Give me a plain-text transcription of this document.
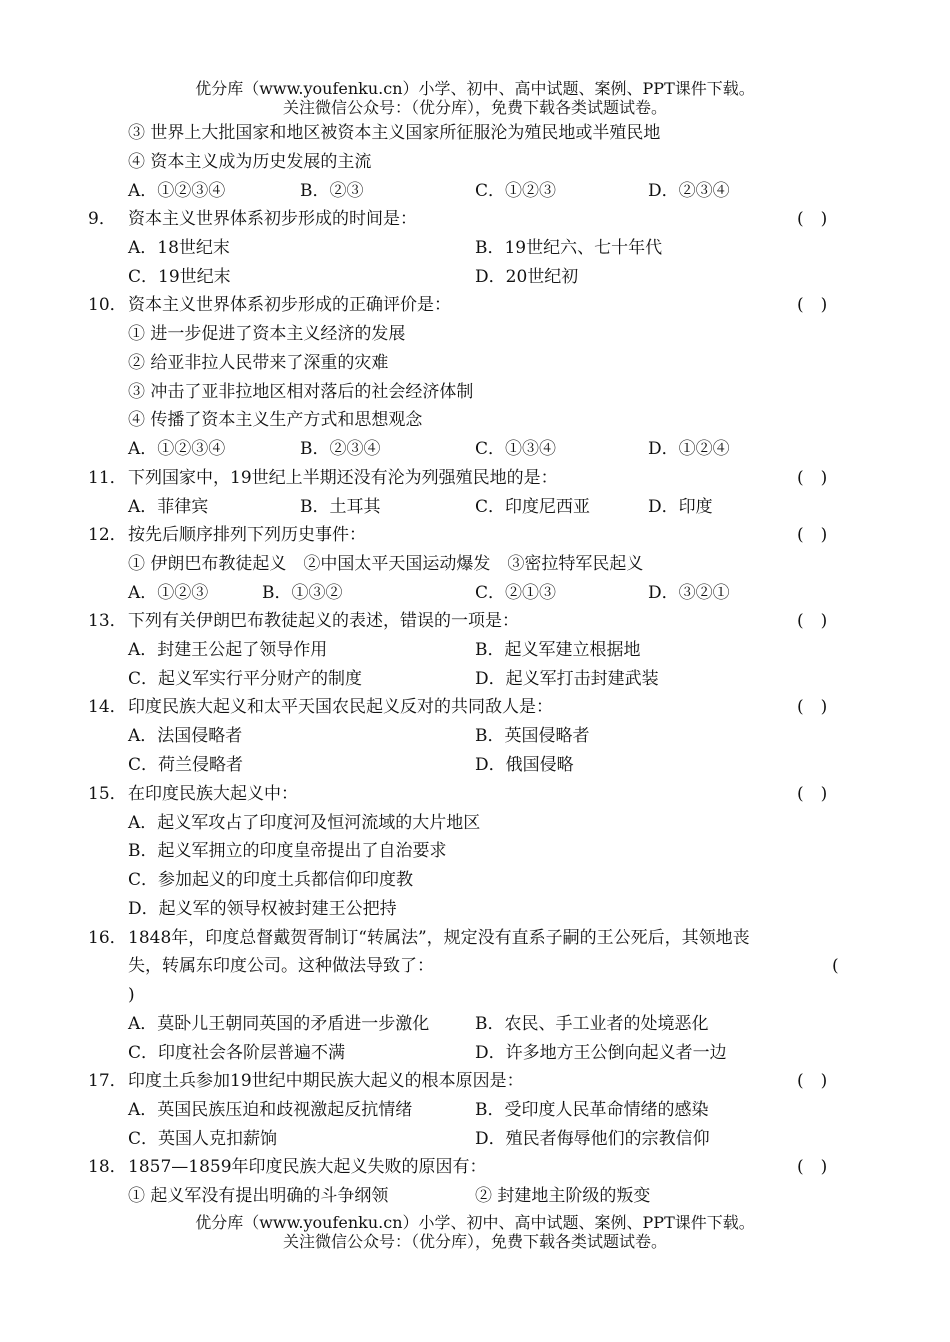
优分库（www.youfenku.cn）小学、初中、高中试题、案例、PPT课件下载。
关注微信公众号：（优分库），免费下载各类试题试卷。
③ 世界上大批国家和地区被资本主义国家所征服沦为殖民地或半殖民地
④ 资本主义成为历史发展的主流
A．①②③④	B．②③	C．①②③	D．②③④
9． 资本主义世界体系初步形成的时间是：	(　)
A．18世纪末	B．19世纪六、七十年代
C．19世纪末	D．20世纪初
10． 资本主义世界体系初步形成的正确评价是：	(　)
① 进一步促进了资本主义经济的发展
② 给亚非拉人民带来了深重的灾难
③ 冲击了亚非拉地区相对落后的社会经济体制
④ 传播了资本主义生产方式和思想观念
A．①②③④	B．②③④	C．①③④	D．①②④
11． 下列国家中，19世纪上半期还没有沦为列强殖民地的是：	(　)
A．菲律宾	B．土耳其	C．印度尼西亚	D．印度
12． 按先后顺序排列下列历史事件：	(　)
① 伊朗巴布教徒起义　②中国太平天国运动爆发　③密拉特军民起义
A．①②③	B．①③②	C．②①③	D．③②①
13． 下列有关伊朗巴布教徒起义的表述，错误的一项是：	(　)
A．封建王公起了领导作用	B．起义军建立根据地
C．起义军实行平分财产的制度	D．起义军打击封建武装
14． 印度民族大起义和太平天国农民起义反对的共同敌人是：	(　)
A．法国侵略者	B．英国侵略者
C．荷兰侵略者	D．俄国侵略
15． 在印度民族大起义中：	(　)
A．起义军攻占了印度河及恒河流域的大片地区
B．起义军拥立的印度皇帝提出了自治要求
C．参加起义的印度土兵都信仰印度教
D．起义军的领导权被封建王公把持
16． 1848年，印度总督戴贺胥制订“转属法”，规定没有直系子嗣的王公死后，其领地丧
失，转属东印度公司。这种做法导致了：	(
)
A．莫卧儿王朝同英国的矛盾进一步激化	B．农民、手工业者的处境恶化
C．印度社会各阶层普遍不满	D．许多地方王公倒向起义者一边
17． 印度土兵参加19世纪中期民族大起义的根本原因是：	(　)
A．英国民族压迫和歧视激起反抗情绪	B．受印度人民革命情绪的感染
C．英国人克扣薪饷	D．殖民者侮辱他们的宗教信仰
18． 1857—1859年印度民族大起义失败的原因有：	(　)
① 起义军没有提出明确的斗争纲领	② 封建地主阶级的叛变
优分库（www.youfenku.cn）小学、初中、高中试题、案例、PPT课件下载。
关注微信公众号：（优分库），免费下载各类试题试卷。
